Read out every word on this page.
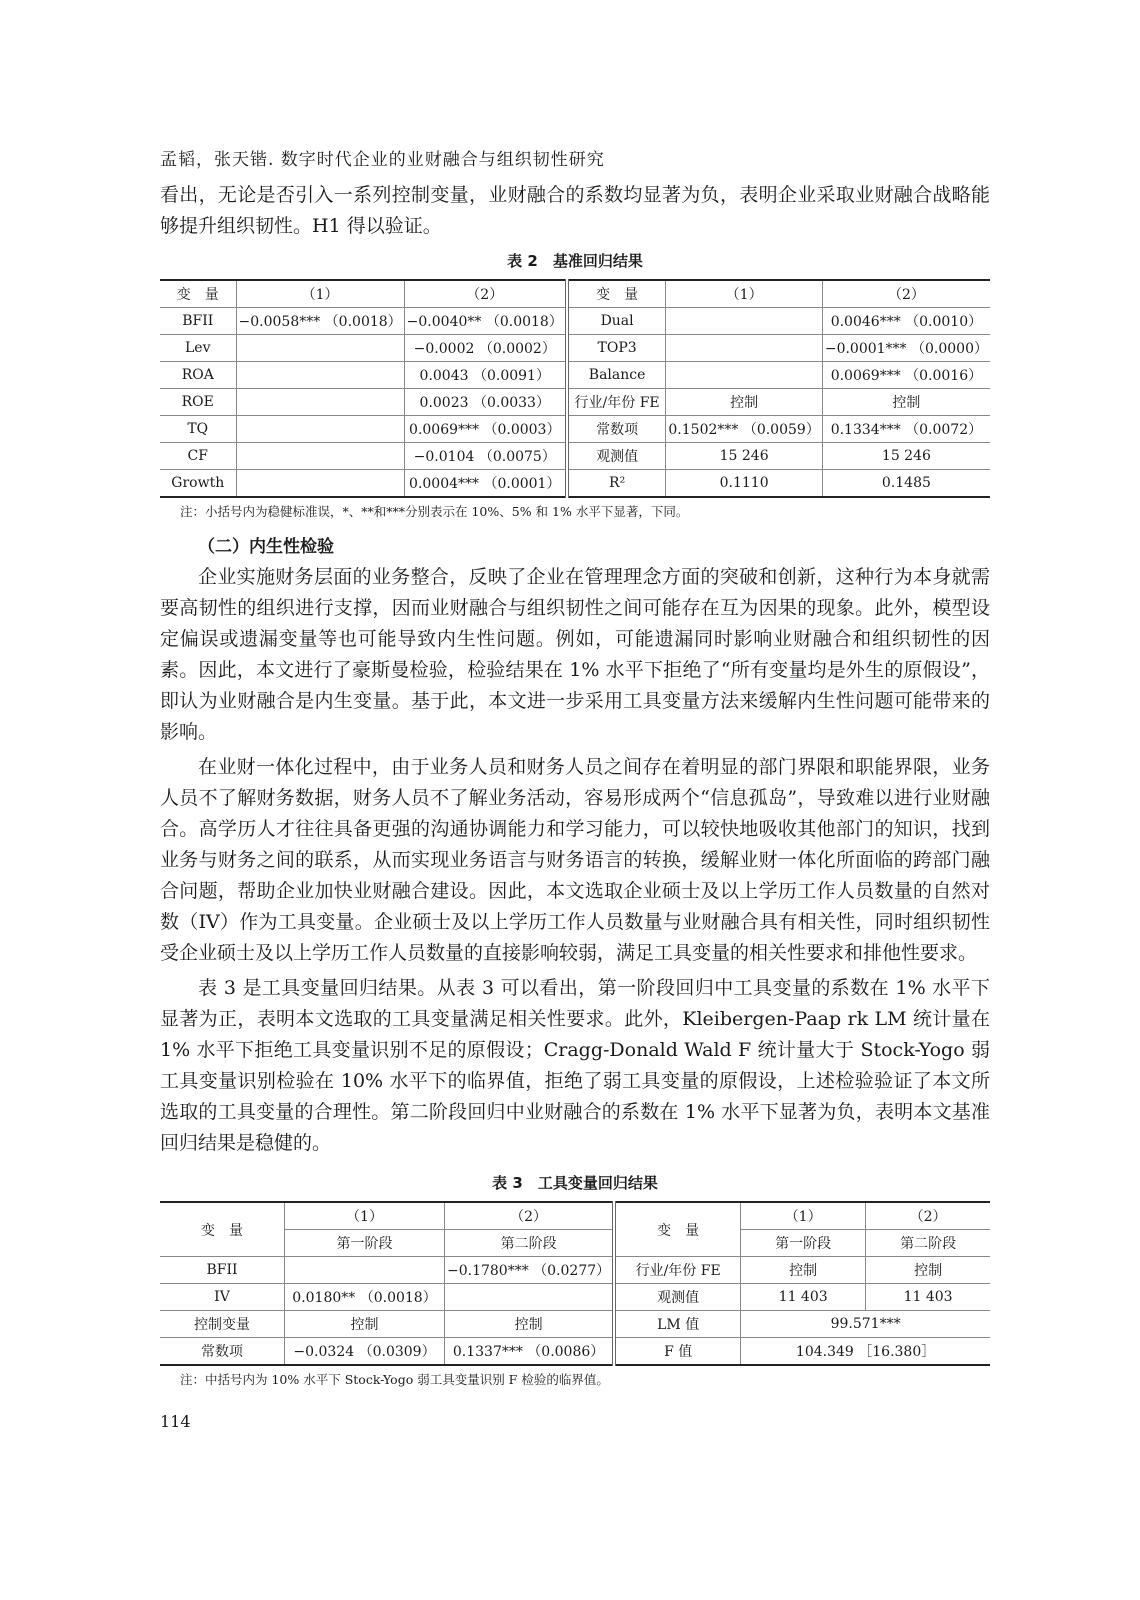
孟韬，张天锴. 数字时代企业的业财融合与组织韧性研究

看出，无论是否引入一系列控制变量，业财融合的系数均显著为负，表明企业采取业财融合战略能够提升组织韧性。H1 得以验证。

表 2　基准回归结果

变　量	（1）	（2）	变　量	（1）	（2）
BFII	−0.0058*** （0.0018）	−0.0040** （0.0018）	Dual		0.0046*** （0.0010）
Lev		−0.0002 （0.0002）	TOP3		−0.0001*** （0.0000）
ROA		0.0043 （0.0091）	Balance		0.0069*** （0.0016）
ROE		0.0023 （0.0033）	行业/年份 FE	控制	控制
TQ		0.0069*** （0.0003）	常数项	0.1502*** （0.0059）	0.1334*** （0.0072）
CF		−0.0104 （0.0075）	观测值	15 246	15 246
Growth		0.0004*** （0.0001）	R²	0.1110	0.1485

注：小括号内为稳健标准误，*、**和***分别表示在 10%、5% 和 1% 水平下显著，下同。

（二）内生性检验

企业实施财务层面的业务整合，反映了企业在管理理念方面的突破和创新，这种行为本身就需要高韧性的组织进行支撑，因而业财融合与组织韧性之间可能存在互为因果的现象。此外，模型设定偏误或遗漏变量等也可能导致内生性问题。例如，可能遗漏同时影响业财融合和组织韧性的因素。因此，本文进行了豪斯曼检验，检验结果在 1% 水平下拒绝了“所有变量均是外生的原假设”，即认为业财融合是内生变量。基于此，本文进一步采用工具变量方法来缓解内生性问题可能带来的影响。

在业财一体化过程中，由于业务人员和财务人员之间存在着明显的部门界限和职能界限，业务人员不了解财务数据，财务人员不了解业务活动，容易形成两个“信息孤岛”，导致难以进行业财融合。高学历人才往往具备更强的沟通协调能力和学习能力，可以较快地吸收其他部门的知识，找到业务与财务之间的联系，从而实现业务语言与财务语言的转换，缓解业财一体化所面临的跨部门融合问题，帮助企业加快业财融合建设。因此，本文选取企业硕士及以上学历工作人员数量的自然对数（IV）作为工具变量。企业硕士及以上学历工作人员数量与业财融合具有相关性，同时组织韧性受企业硕士及以上学历工作人员数量的直接影响较弱，满足工具变量的相关性要求和排他性要求。

表 3 是工具变量回归结果。从表 3 可以看出，第一阶段回归中工具变量的系数在 1% 水平下显著为正，表明本文选取的工具变量满足相关性要求。此外，Kleibergen-Paap rk LM 统计量在 1% 水平下拒绝工具变量识别不足的原假设；Cragg-Donald Wald F 统计量大于 Stock-Yogo 弱工具变量识别检验在 10% 水平下的临界值，拒绝了弱工具变量的原假设，上述检验验证了本文所选取的工具变量的合理性。第二阶段回归中业财融合的系数在 1% 水平下显著为负，表明本文基准回归结果是稳健的。

表 3　工具变量回归结果

变　量	（1）	（2）	变　量	（1）	（2）
	第一阶段	第二阶段		第一阶段	第二阶段
BFII		−0.1780*** （0.0277）	行业/年份 FE	控制	控制
IV	0.0180** （0.0018）		观测值	11 403	11 403
控制变量	控制	控制	LM 值	99.571***	
常数项	−0.0324 （0.0309）	0.1337*** （0.0086）	F 值	104.349 ［16.380］	

注：中括号内为 10% 水平下 Stock-Yogo 弱工具变量识别 F 检验的临界值。

114
